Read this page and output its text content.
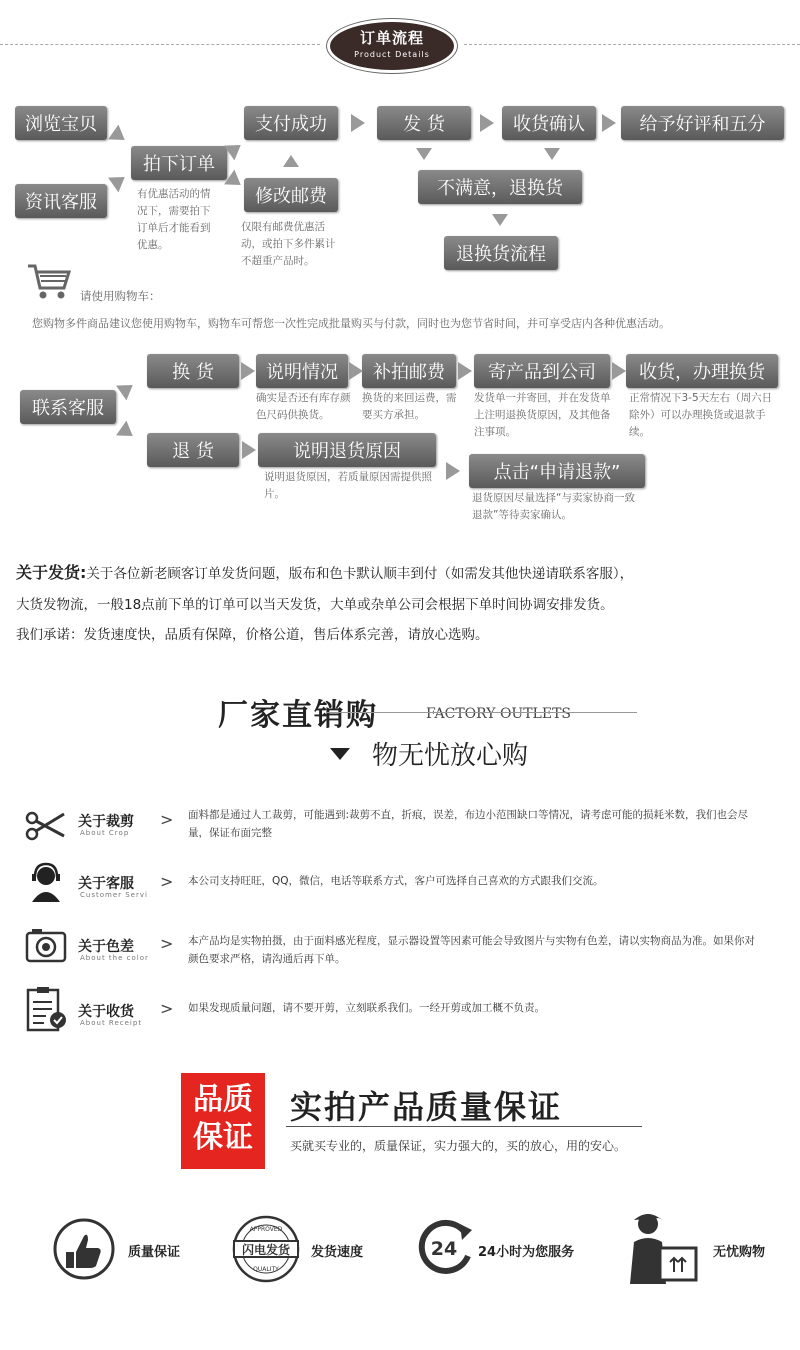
订单流程
Product Details
浏览宝贝
资讯客服
拍下订单
支付成功
修改邮费
发 货	收货确认	给予好评和五分
不满意，退换货
退换货流程
有优惠活动的情况下，需要拍下订单后才能看到优惠。
仅限有邮费优惠活动，或拍下多件累计不超重产品时。
请使用购物车：
您购物多件商品建议您使用购物车，购物车可帮您一次性完成批量购买与付款，同时也为您节省时间，并可享受店内各种优惠活动。
联系客服
换 货	说明情况	补拍邮费	寄产品到公司	收货，办理换货
退 货	说明退货原因
点击“申请退款”
确实是否还有库存颜色尺码供换货。
换货的来回运费，需要买方承担。
发货单一并寄回，并在发货单上注明退换货原因，及其他备注事项。
正常情况下3-5天左右（周六日除外）可以办理换货或退款手续。
说明退货原因，若质量原因需提供照片。	退货原因尽量选择“与卖家协商一致退款”等待卖家确认。
关于发货:关于各位新老顾客订单发货问题，版布和色卡默认顺丰到付（如需发其他快递请联系客服），
大货发物流，一般18点前下单的订单可以当天发货，大单或杂单公司会根据下单时间协调安排发货。
我们承诺：发货速度快，品质有保障，价格公道，售后体系完善，请放心选购。
厂家直销购	FACTORY OUTLETS
物无忧放心购
关于裁剪
About Crop
> 面料都是通过人工裁剪，可能遇到:裁剪不直，折痕，误差，布边小范围缺口等情况，请考虑可能的损耗米数，我们也会尽量，保证布面完整
关于客服
Customer Servi
> 本公司支持旺旺，QQ，微信，电话等联系方式，客户可选择自己喜欢的方式跟我们交流。
关于色差
About the color
> 本产品均是实物拍摄，由于面料感光程度，显示器设置等因素可能会导致图片与实物有色差，请以实物商品为准。如果你对颜色要求严格，请沟通后再下单。
关于收货
About Receipt
> 如果发现质量问题，请不要开剪，立刻联系我们。一经开剪或加工概不负责。
品质
保证
实拍产品质量保证
买就买专业的，质量保证，实力强大的，买的放心，用的安心。
质量保证	闪电发货
APPROVED
QUALITY
发货速度	24 24小时为您服务	无忧购物
